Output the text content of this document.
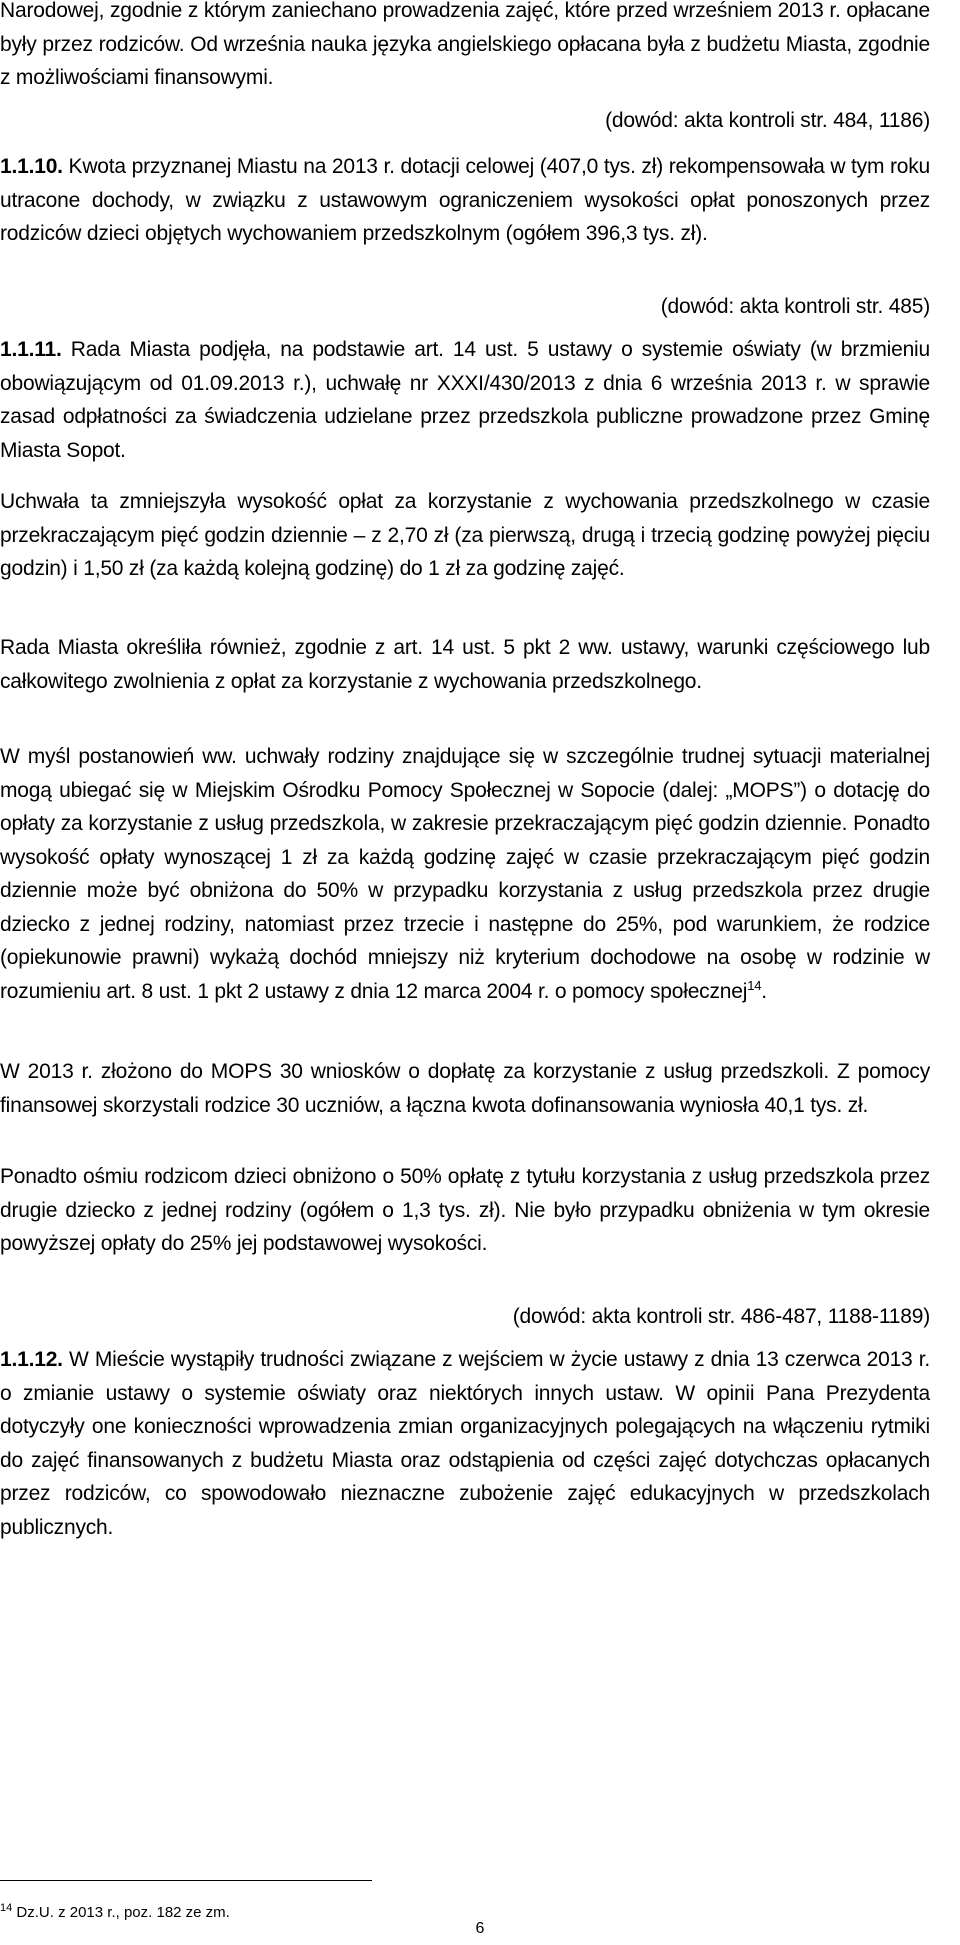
Narodowej, zgodnie z którym zaniechano prowadzenia zajęć, które przed wrześniem 2013 r. opłacane były przez rodziców. Od września nauka języka angielskiego opłacana była z budżetu Miasta, zgodnie z możliwościami finansowymi.

(dowód: akta kontroli str. 484, 1186)

1.1.10. Kwota przyznanej Miastu na 2013 r. dotacji celowej (407,0 tys. zł) rekompensowała w tym roku utracone dochody, w związku z ustawowym ograniczeniem wysokości opłat ponoszonych przez rodziców dzieci objętych wychowaniem przedszkolnym (ogółem 396,3 tys. zł).

(dowód: akta kontroli str. 485)

1.1.11. Rada Miasta podjęła, na podstawie art. 14 ust. 5 ustawy o systemie oświaty (w brzmieniu obowiązującym od 01.09.2013 r.), uchwałę nr XXXI/430/2013 z dnia 6 września 2013 r. w sprawie zasad odpłatności za świadczenia udzielane przez przedszkola publiczne prowadzone przez Gminę Miasta Sopot.

Uchwała ta zmniejszyła wysokość opłat za korzystanie z wychowania przedszkolnego w czasie przekraczającym pięć godzin dziennie – z 2,70 zł (za pierwszą, drugą i trzecią godzinę powyżej pięciu godzin) i 1,50 zł (za każdą kolejną godzinę) do 1 zł za godzinę zajęć.

Rada Miasta określiła również, zgodnie z art. 14 ust. 5 pkt 2 ww. ustawy, warunki częściowego lub całkowitego zwolnienia z opłat za korzystanie z wychowania przedszkolnego.

W myśl postanowień ww. uchwały rodziny znajdujące się w szczególnie trudnej sytuacji materialnej mogą ubiegać się w Miejskim Ośrodku Pomocy Społecznej w Sopocie (dalej: „MOPS”) o dotację do opłaty za korzystanie z usług przedszkola, w zakresie przekraczającym pięć godzin dziennie. Ponadto wysokość opłaty wynoszącej 1 zł za każdą godzinę zajęć w czasie przekraczającym pięć godzin dziennie może być obniżona do 50% w przypadku korzystania z usług przedszkola przez drugie dziecko z jednej rodziny, natomiast przez trzecie i następne do 25%, pod warunkiem, że rodzice (opiekunowie prawni) wykażą dochód mniejszy niż kryterium dochodowe na osobę w rodzinie w rozumieniu art. 8 ust. 1 pkt 2 ustawy z dnia 12 marca 2004 r. o pomocy społecznej$^{14}$.

W 2013 r. złożono do MOPS 30 wniosków o dopłatę za korzystanie z usług przedszkoli. Z pomocy finansowej skorzystali rodzice 30 uczniów, a łączna kwota dofinansowania wyniosła 40,1 tys. zł.

Ponadto ośmiu rodzicom dzieci obniżono o 50% opłatę z tytułu korzystania z usług przedszkola przez drugie dziecko z jednej rodziny (ogółem o 1,3 tys. zł). Nie było przypadku obniżenia w tym okresie powyższej opłaty do 25% jej podstawowej wysokości.

(dowód: akta kontroli str. 486-487, 1188-1189)

1.1.12. W Mieście wystąpiły trudności związane z wejściem w życie ustawy z dnia 13 czerwca 2013 r. o zmianie ustawy o systemie oświaty oraz niektórych innych ustaw. W opinii Pana Prezydenta dotyczyły one konieczności wprowadzenia zmian organizacyjnych polegających na włączeniu rytmiki do zajęć finansowanych z budżetu Miasta oraz odstąpienia od części zajęć dotychczas opłacanych przez rodziców, co spowodowało nieznaczne zubożenie zajęć edukacyjnych w przedszkolach publicznych.

$^{14}$ Dz.U. z 2013 r., poz. 182 ze zm.
6
